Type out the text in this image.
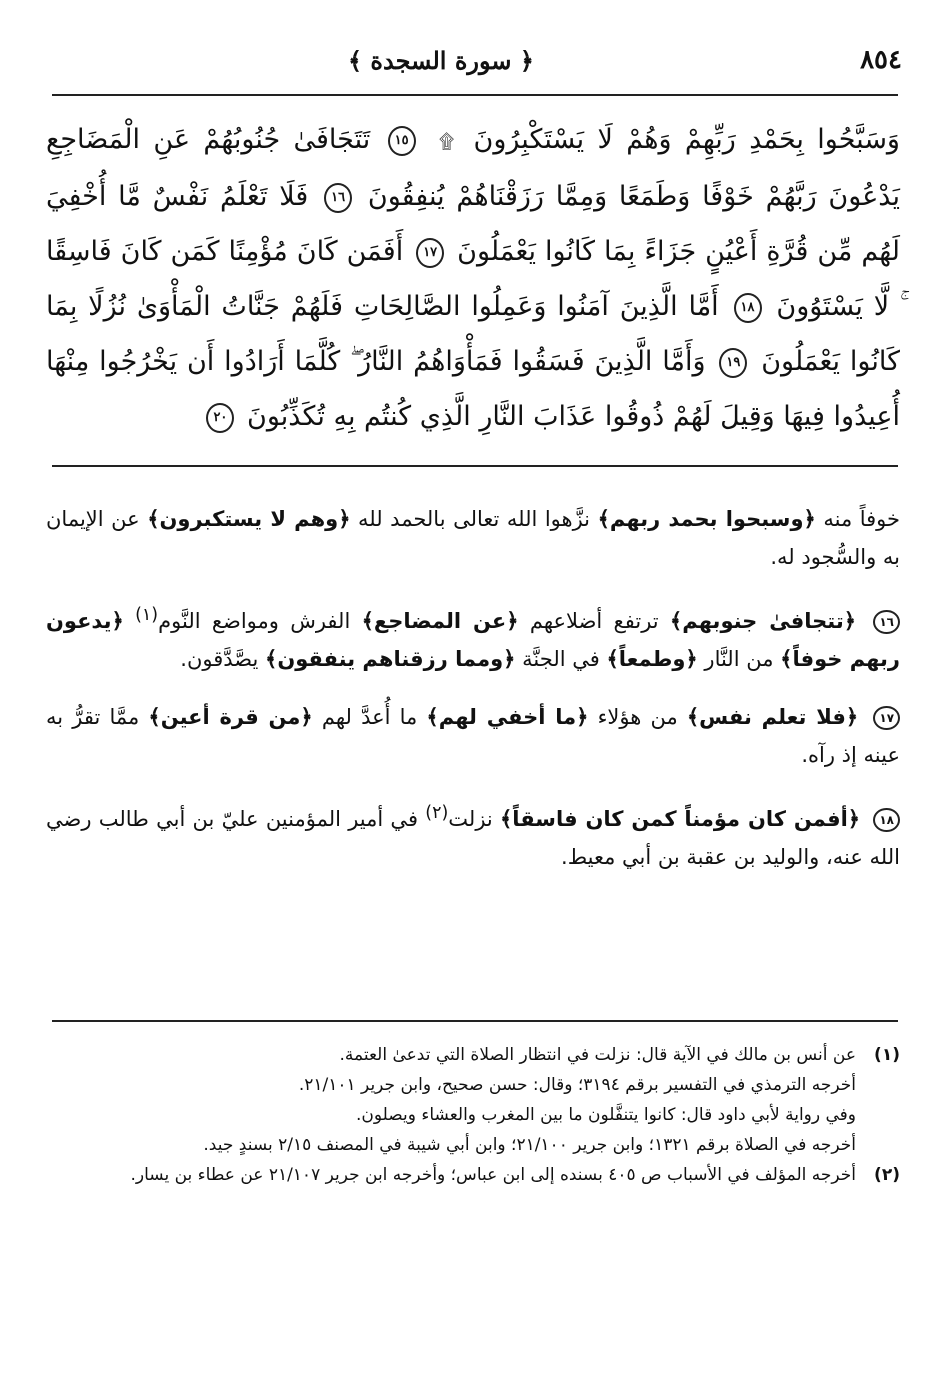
٨٥٤
﴿ سورة السجدة ﴾
وَسَبَّحُوا بِحَمْدِ رَبِّهِمْ وَهُمْ لَا يَسْتَكْبِرُونَ ۩ ١٥ تَتَجَافَىٰ جُنُوبُهُمْ عَنِ الْمَضَاجِعِ يَدْعُونَ رَبَّهُمْ خَوْفًا وَطَمَعًا وَمِمَّا رَزَقْنَاهُمْ يُنفِقُونَ ١٦ فَلَا تَعْلَمُ نَفْسٌ مَّا أُخْفِيَ لَهُم مِّن قُرَّةِ أَعْيُنٍ جَزَاءً بِمَا كَانُوا يَعْمَلُونَ ١٧ أَفَمَن كَانَ مُؤْمِنًا كَمَن كَانَ فَاسِقًا ۚ لَّا يَسْتَوُونَ ١٨ أَمَّا الَّذِينَ آمَنُوا وَعَمِلُوا الصَّالِحَاتِ فَلَهُمْ جَنَّاتُ الْمَأْوَىٰ نُزُلًا بِمَا كَانُوا يَعْمَلُونَ ١٩ وَأَمَّا الَّذِينَ فَسَقُوا فَمَأْوَاهُمُ النَّارُ ۖ كُلَّمَا أَرَادُوا أَن يَخْرُجُوا مِنْهَا أُعِيدُوا فِيهَا وَقِيلَ لَهُمْ ذُوقُوا عَذَابَ النَّارِ الَّذِي كُنتُم بِهِ تُكَذِّبُونَ ٢٠

خوفاً منه ﴿وسبحوا بحمد ربهم﴾ نزَّهوا الله تعالى بالحمد لله ﴿وهم لا يستكبرون﴾ عن الإيمان به والسُّجود له.

١٦ ﴿تتجافىٰ جنوبهم﴾ ترتفع أضلاعهم ﴿عن المضاجع﴾ الفرش ومواضع النَّوم$^{(١)}$ ﴿يدعون ربهم خوفاً﴾ من النَّار ﴿وطمعاً﴾ في الجنَّة ﴿ومما رزقناهم ينفقون﴾ يصَّدَّقون.

١٧ ﴿فلا تعلم نفس﴾ من هؤلاء ﴿ما أخفي لهم﴾ ما أُعدَّ لهم ﴿من قرة أعين﴾ ممَّا تقرُّ به عينه إذ رآه.

١٨ ﴿أفمن كان مؤمناً كمن كان فاسقاً﴾ نزلت$^{(٢)}$ في أمير المؤمنين عليّ بن أبي طالب رضي الله عنه، والوليد بن عقبة بن أبي معيط.

(١)
عن أنس بن مالك في الآية قال: نزلت في انتظار الصلاة التي تدعىٰ العتمة.
أخرجه الترمذي في التفسير برقم ٣١٩٤؛ وقال: حسن صحيح، وابن جرير ٢١/١٠١.
وفي رواية لأبي داود قال: كانوا يتنفَّلون ما بين المغرب والعشاء ويصلون.
أخرجه في الصلاة برقم ١٣٢١؛ وابن جرير ٢١/١٠٠؛ وابن أبي شيبة في المصنف ٢/١٥ بسندٍ جيد.
(٢)
أخرجه المؤلف في الأسباب ص ٤٠٥ بسنده إلى ابن عباس؛ وأخرجه ابن جرير ٢١/١٠٧ عن عطاء بن يسار.
